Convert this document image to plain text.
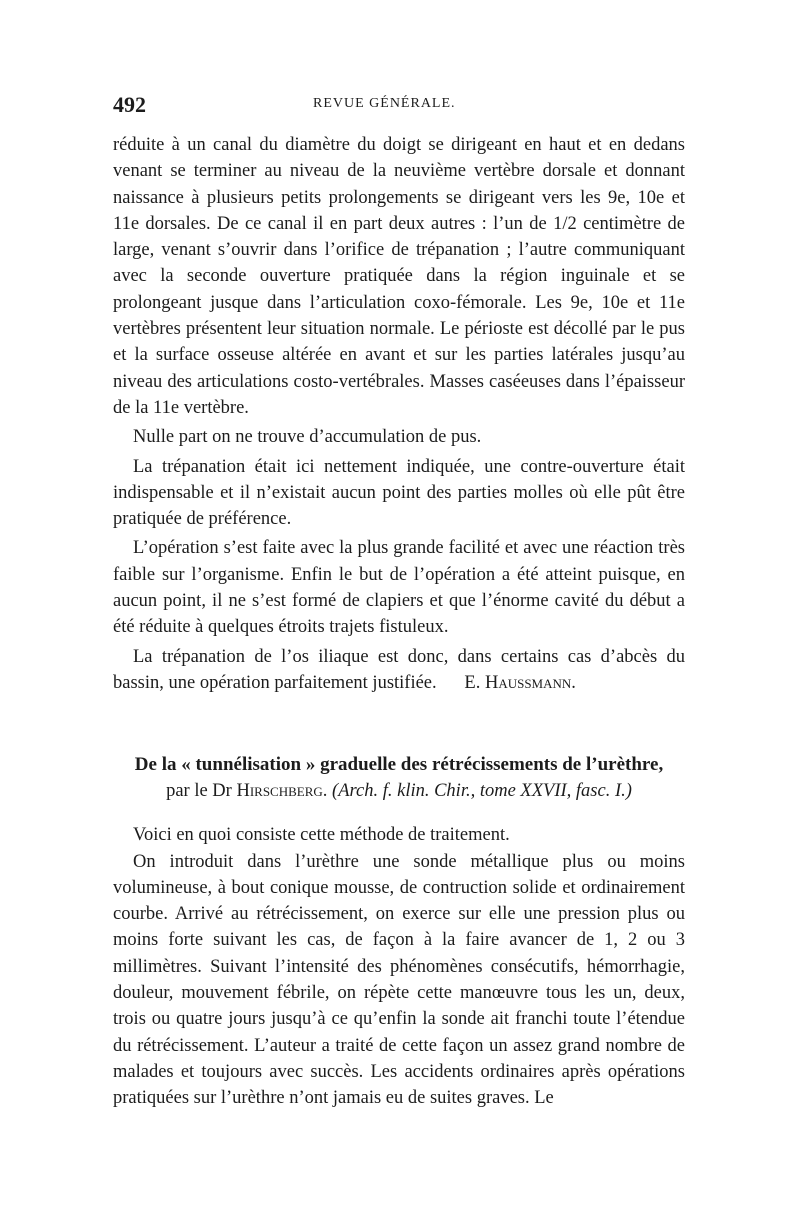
492	REVUE GÉNÉRALE.

réduite à un canal du diamètre du doigt se dirigeant en haut et en dedans venant se terminer au niveau de la neuvième vertèbre dorsale et donnant naissance à plusieurs petits prolongements se dirigeant vers les 9e, 10e et 11e dorsales. De ce canal il en part deux autres : l’un de 1/2 centimètre de large, venant s’ouvrir dans l’orifice de trépanation ; l’autre communiquant avec la seconde ouverture pratiquée dans la région inguinale et se prolongeant jusque dans l’articulation coxo-fémorale. Les 9e, 10e et 11e vertèbres présentent leur situation normale. Le périoste est décollé par le pus et la surface osseuse altérée en avant et sur les parties latérales jusqu’au niveau des articulations costo-vertébrales. Masses caséeuses dans l’épaisseur de la 11e vertèbre.

Nulle part on ne trouve d’accumulation de pus.

La trépanation était ici nettement indiquée, une contre-ouverture était indispensable et il n’existait aucun point des parties molles où elle pût être pratiquée de préférence.

L’opération s’est faite avec la plus grande facilité et avec une réaction très faible sur l’organisme. Enfin le but de l’opération a été atteint puisque, en aucun point, il ne s’est formé de clapiers et que l’énorme cavité du début a été réduite à quelques étroits trajets fistuleux.

La trépanation de l’os iliaque est donc, dans certains cas d’abcès du bassin, une opération parfaitement justifiée. E. Haussmann.

De la « tunnélisation » graduelle des rétrécissements de l’urèthre,

par le Dr Hirschberg. (Arch. f. klin. Chir., tome XXVII, fasc. I.)

Voici en quoi consiste cette méthode de traitement.

On introduit dans l’urèthre une sonde métallique plus ou moins volumineuse, à bout conique mousse, de contruction solide et ordinairement courbe. Arrivé au rétrécissement, on exerce sur elle une pression plus ou moins forte suivant les cas, de façon à la faire avancer de 1, 2 ou 3 millimètres. Suivant l’intensité des phénomènes consécutifs, hémorrhagie, douleur, mouvement fébrile, on répète cette manœuvre tous les un, deux, trois ou quatre jours jusqu’à ce qu’enfin la sonde ait franchi toute l’étendue du rétrécissement. L’auteur a traité de cette façon un assez grand nombre de malades et toujours avec succès. Les accidents ordinaires après opérations pratiquées sur l’urèthre n’ont jamais eu de suites graves. Le
